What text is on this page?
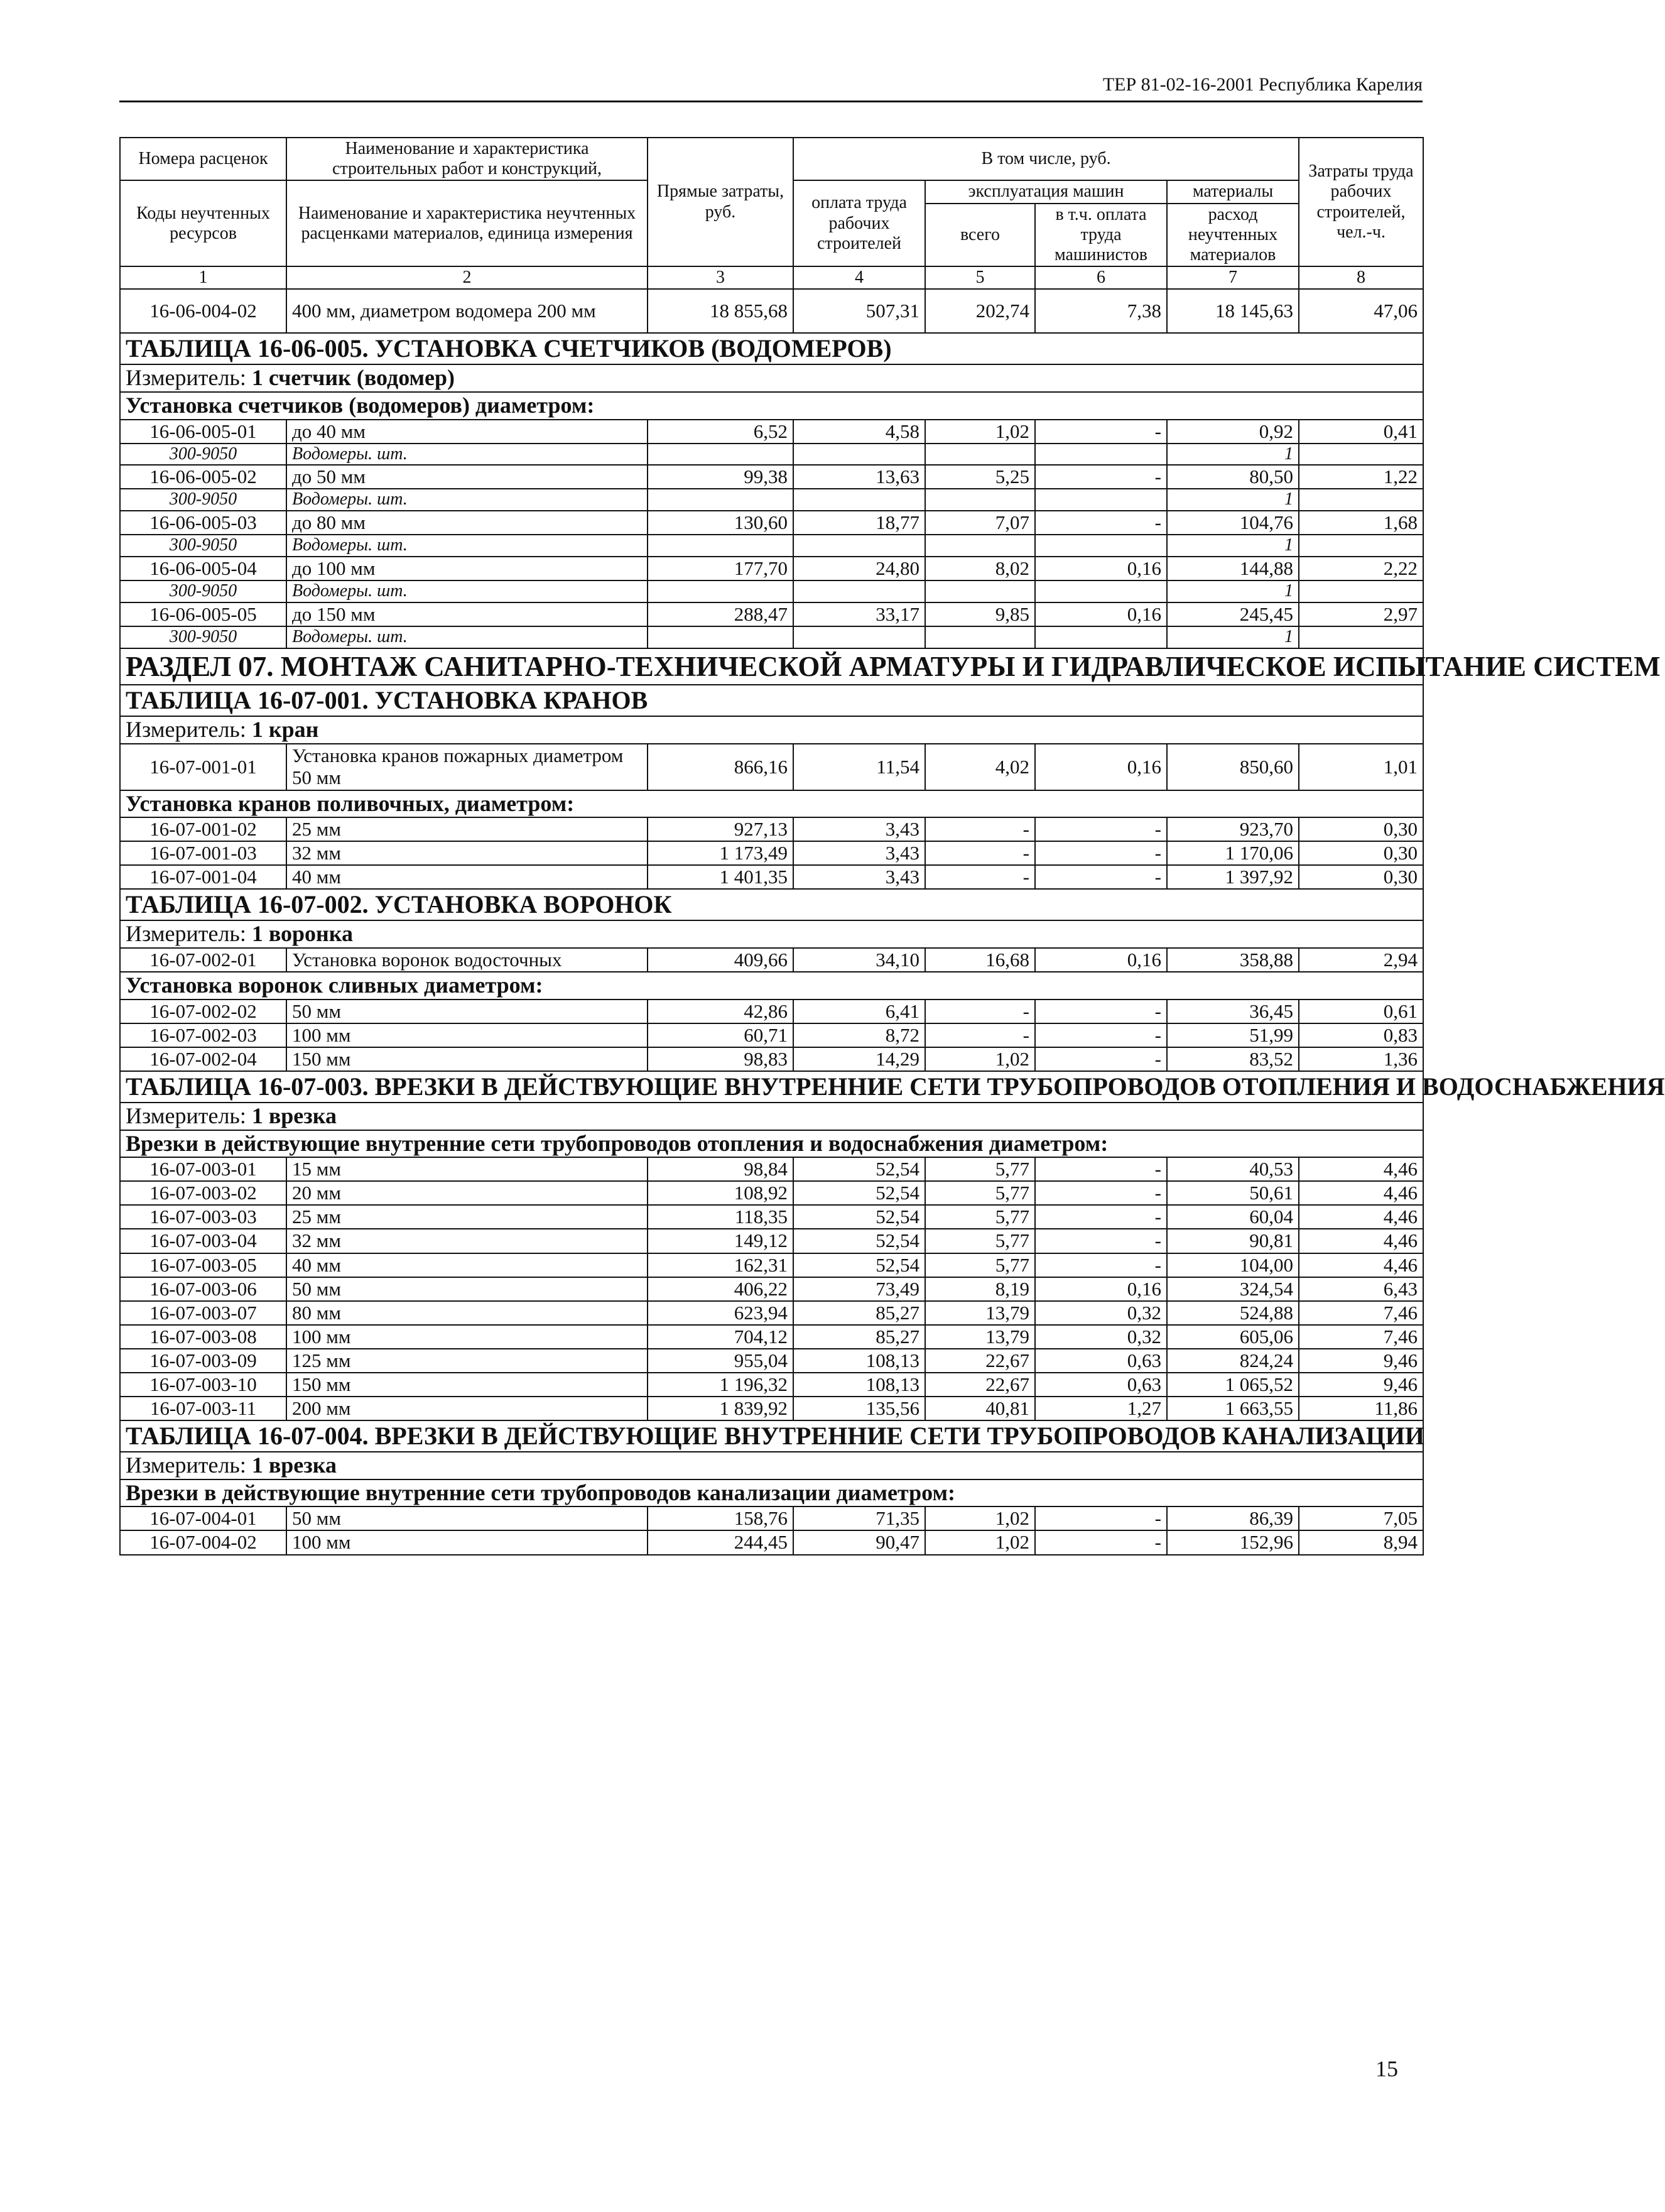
ТЕР 81-02-16-2001 Республика Карелия
Номера расценок	Наименование и характеристика строительных работ и конструкций,	Прямые затраты, руб.	В том числе, руб.				Затраты труда рабочих строителей, чел.-ч.
Коды неучтенных ресурсов	Наименование и характеристика неучтенных расценками материалов, единица измерения		оплата труда рабочих строителей	эксплуатация машин		материалы	
				всего	в т.ч. оплата труда машинистов	расход неучтенных материалов	
1	2	3	4	5	6	7	8
16-06-004-02	400 мм, диаметром водомера 200 мм	18 855,68	507,31	202,74	7,38	18 145,63	47,06
ТАБЛИЦА 16-06-005. УСТАНОВКА СЧЕТЧИКОВ (ВОДОМЕРОВ)							
Измеритель: 1 счетчик (водомер)							
Установка счетчиков (водомеров) диаметром:							
16-06-005-01	до 40 мм	6,52	4,58	1,02	-	0,92	0,41
300-9050	Водомеры. шт.					1	
16-06-005-02	до 50 мм	99,38	13,63	5,25	-	80,50	1,22
300-9050	Водомеры. шт.					1	
16-06-005-03	до 80 мм	130,60	18,77	7,07	-	104,76	1,68
300-9050	Водомеры. шт.					1	
16-06-005-04	до 100 мм	177,70	24,80	8,02	0,16	144,88	2,22
300-9050	Водомеры. шт.					1	
16-06-005-05	до 150 мм	288,47	33,17	9,85	0,16	245,45	2,97
300-9050	Водомеры. шт.					1	
РАЗДЕЛ 07. МОНТАЖ САНИТАРНО-ТЕХНИЧЕСКОЙ АРМАТУРЫ И ГИДРАВЛИЧЕСКОЕ ИСПЫТАНИЕ СИСТЕМ							
ТАБЛИЦА 16-07-001. УСТАНОВКА КРАНОВ							
Измеритель: 1 кран							
16-07-001-01	Установка кранов пожарных диаметром 50 мм	866,16	11,54	4,02	0,16	850,60	1,01
Установка кранов поливочных, диаметром:							
16-07-001-02	25 мм	927,13	3,43	-	-	923,70	0,30
16-07-001-03	32 мм	1 173,49	3,43	-	-	1 170,06	0,30
16-07-001-04	40 мм	1 401,35	3,43	-	-	1 397,92	0,30
ТАБЛИЦА 16-07-002. УСТАНОВКА ВОРОНОК							
Измеритель: 1 воронка							
16-07-002-01	Установка воронок водосточных	409,66	34,10	16,68	0,16	358,88	2,94
Установка воронок сливных диаметром:							
16-07-002-02	50 мм	42,86	6,41	-	-	36,45	0,61
16-07-002-03	100 мм	60,71	8,72	-	-	51,99	0,83
16-07-002-04	150 мм	98,83	14,29	1,02	-	83,52	1,36
ТАБЛИЦА 16-07-003. ВРЕЗКИ В ДЕЙСТВУЮЩИЕ ВНУТРЕННИЕ СЕТИ ТРУБОПРОВОДОВ ОТОПЛЕНИЯ И ВОДОСНАБЖЕНИЯ							
Измеритель: 1 врезка							
Врезки в действующие внутренние сети трубопроводов отопления и водоснабжения диаметром:							
16-07-003-01	15 мм	98,84	52,54	5,77	-	40,53	4,46
16-07-003-02	20 мм	108,92	52,54	5,77	-	50,61	4,46
16-07-003-03	25 мм	118,35	52,54	5,77	-	60,04	4,46
16-07-003-04	32 мм	149,12	52,54	5,77	-	90,81	4,46
16-07-003-05	40 мм	162,31	52,54	5,77	-	104,00	4,46
16-07-003-06	50 мм	406,22	73,49	8,19	0,16	324,54	6,43
16-07-003-07	80 мм	623,94	85,27	13,79	0,32	524,88	7,46
16-07-003-08	100 мм	704,12	85,27	13,79	0,32	605,06	7,46
16-07-003-09	125 мм	955,04	108,13	22,67	0,63	824,24	9,46
16-07-003-10	150 мм	1 196,32	108,13	22,67	0,63	1 065,52	9,46
16-07-003-11	200 мм	1 839,92	135,56	40,81	1,27	1 663,55	11,86
ТАБЛИЦА 16-07-004. ВРЕЗКИ В ДЕЙСТВУЮЩИЕ ВНУТРЕННИЕ СЕТИ ТРУБОПРОВОДОВ КАНАЛИЗАЦИИ							
Измеритель: 1 врезка							
Врезки в действующие внутренние сети трубопроводов канализации диаметром:							
16-07-004-01	50 мм	158,76	71,35	1,02	-	86,39	7,05
16-07-004-02	100 мм	244,45	90,47	1,02	-	152,96	8,94
15
